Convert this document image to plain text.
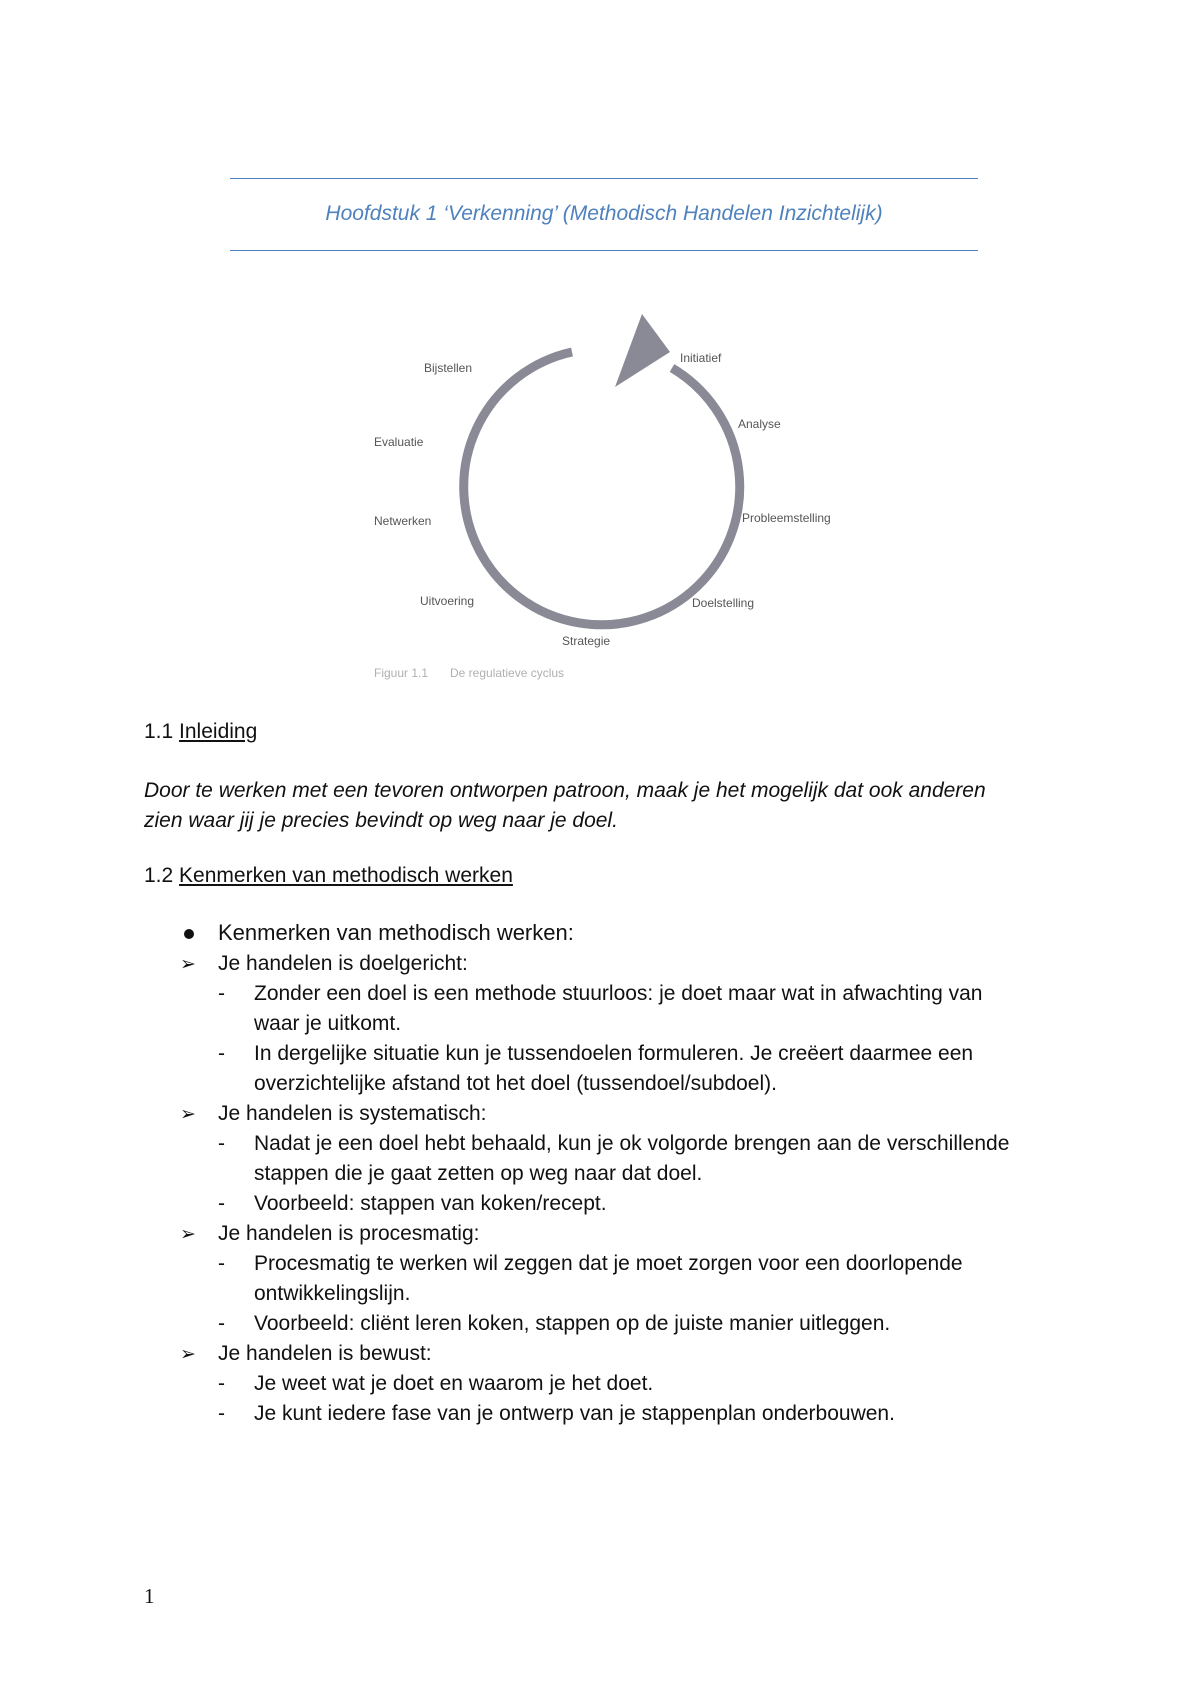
Hoofdstuk 1 ‘Verkenning’ (Methodisch Handelen Inzichtelijk)
Initiatief
Analyse
Probleemstelling
Doelstelling
Strategie
Uitvoering
Netwerken
Evaluatie
Bijstellen
Figuur 1.1 De regulatieve cyclus
1.1 Inleiding
Door te werken met een tevoren ontworpen patroon, maak je het mogelijk dat ook anderen
zien waar jij je precies bevindt op weg naar je doel.
1.2 Kenmerken van methodisch werken
Kenmerken van methodisch werken:
➢ Je handelen is doelgericht:
- Zonder een doel is een methode stuurloos: je doet maar wat in afwachting van
waar je uitkomt.
- In dergelijke situatie kun je tussendoelen formuleren. Je creëert daarmee een
overzichtelijke afstand tot het doel (tussendoel/subdoel).
➢ Je handelen is systematisch:
- Nadat je een doel hebt behaald, kun je ok volgorde brengen aan de verschillende
stappen die je gaat zetten op weg naar dat doel.
- Voorbeeld: stappen van koken/recept.
➢ Je handelen is procesmatig:
- Procesmatig te werken wil zeggen dat je moet zorgen voor een doorlopende
ontwikkelingslijn.
- Voorbeeld: cliënt leren koken, stappen op de juiste manier uitleggen.
➢ Je handelen is bewust:
- Je weet wat je doet en waarom je het doet.
- Je kunt iedere fase van je ontwerp van je stappenplan onderbouwen.
1
